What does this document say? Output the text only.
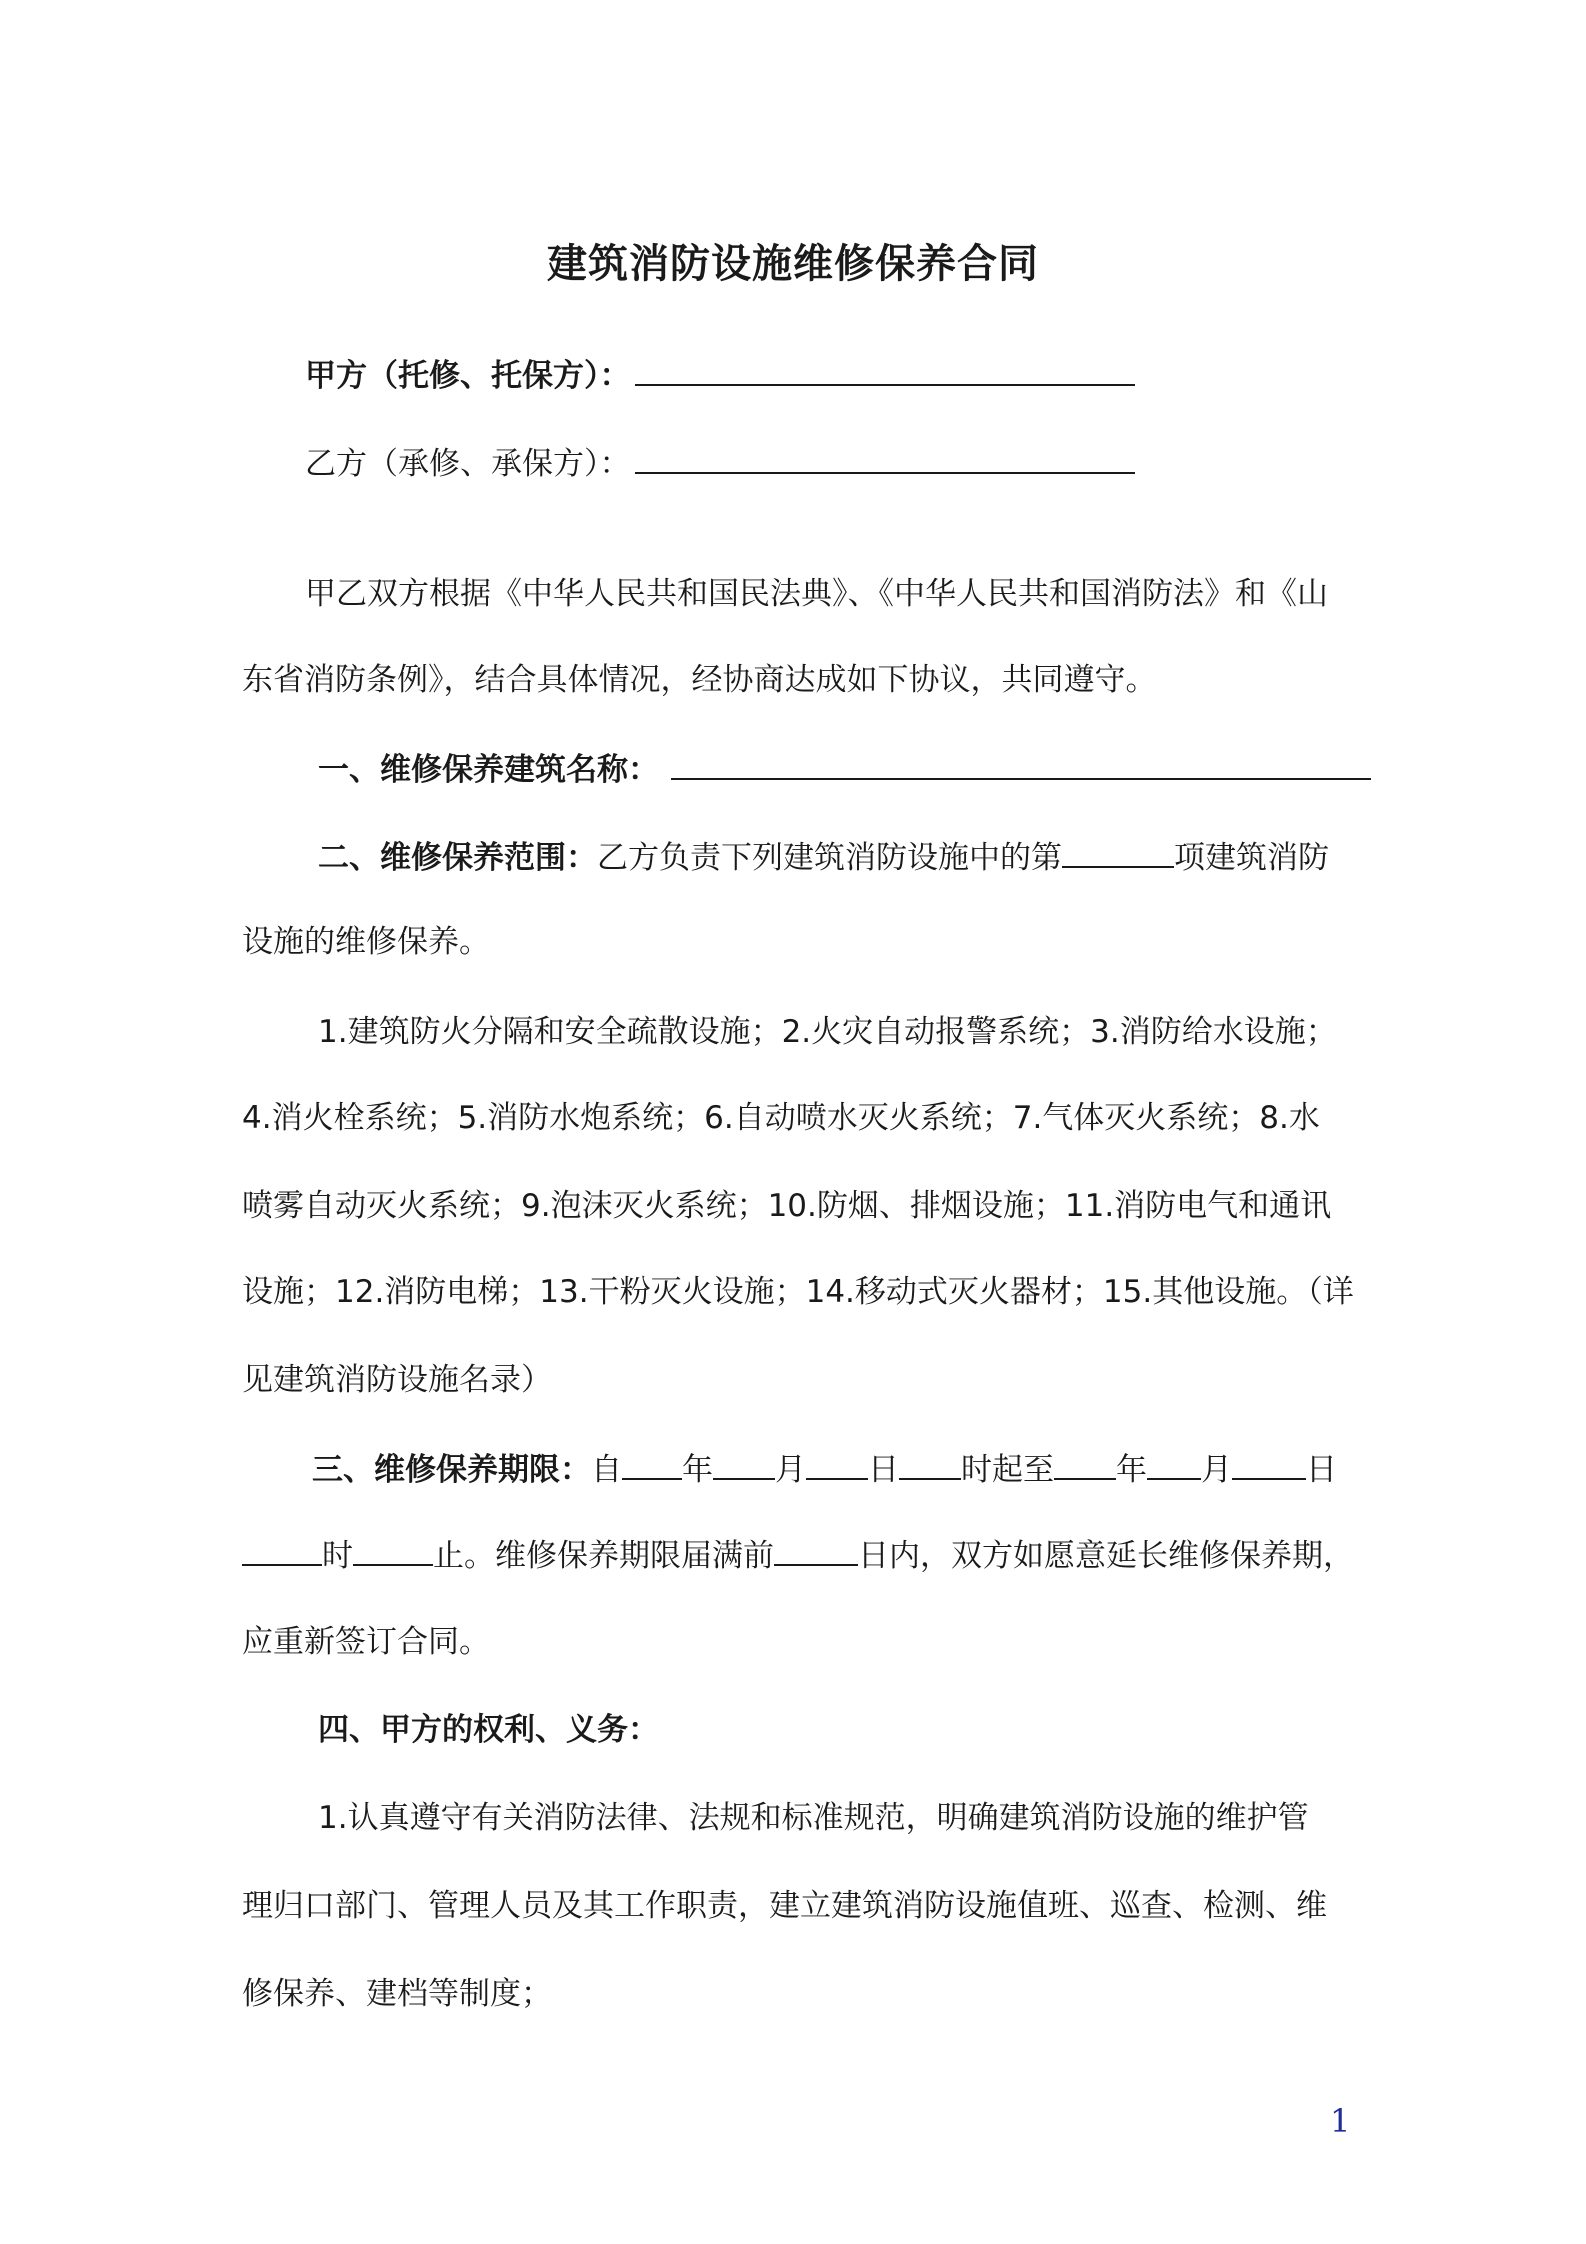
建筑消防设施维修保养合同
甲方（托修、托保方）：
乙方（承修、承保方）：
甲乙双方根据《中华人民共和国民法典》、《中华人民共和国消防法》和《山
东省消防条例》，结合具体情况，经协商达成如下协议，共同遵守。
一、维修保养建筑名称：
二、维修保养范围：乙方负责下列建筑消防设施中的第	项建筑消防
设施的维修保养。
1.建筑防火分隔和安全疏散设施；2.火灾自动报警系统；3.消防给水设施；
4.消火栓系统；5.消防水炮系统；6.自动喷水灭火系统；7.气体灭火系统；8.水
喷雾自动灭火系统；9.泡沫灭火系统；10.防烟、排烟设施；11.消防电气和通讯
设施；12.消防电梯；13.干粉灭火设施；14.移动式灭火器材；15.其他设施。（详
见建筑消防设施名录）
三、维修保养期限：自 年 月 日 时起至 年 月 日
时	止。维修保养期限届满前	日内，双方如愿意延长维修保养期，
应重新签订合同。
四、甲方的权利、义务：
1.认真遵守有关消防法律、法规和标准规范，明确建筑消防设施的维护管
理归口部门、管理人员及其工作职责，建立建筑消防设施值班、巡查、检测、维
修保养、建档等制度；
1
